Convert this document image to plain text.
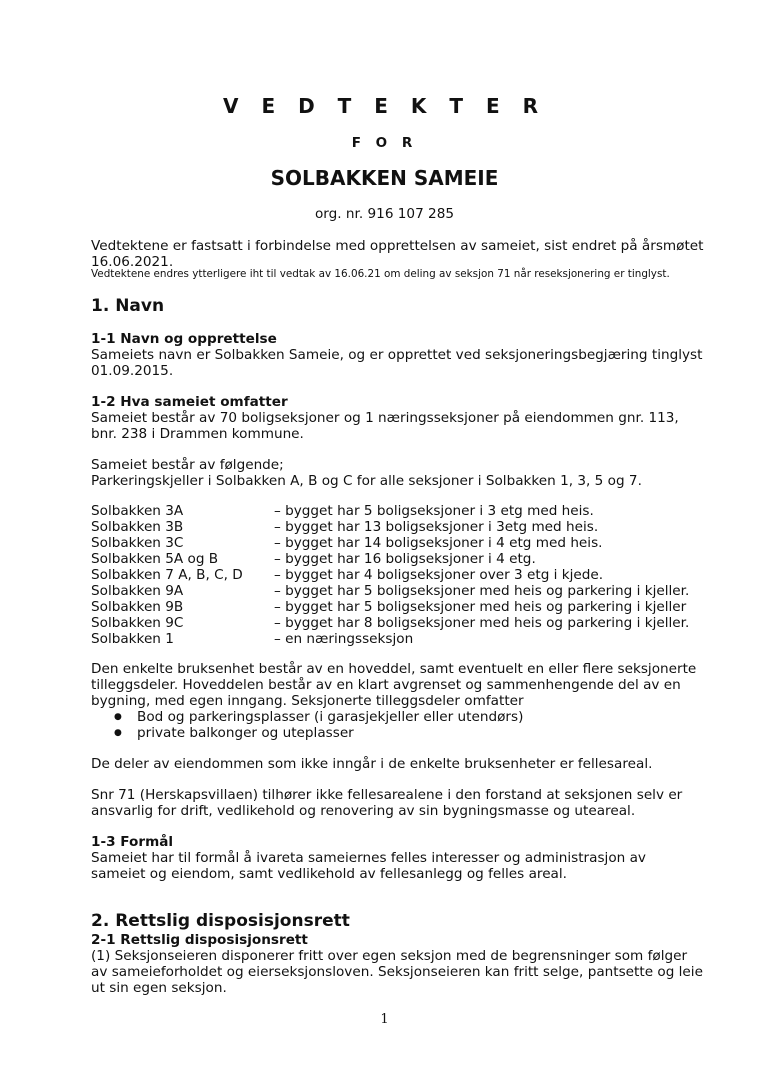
V E D T E K T E R
F O R
SOLBAKKEN SAMEIE
org. nr. 916 107 285
Vedtektene er fastsatt i forbindelse med opprettelsen av sameiet, sist endret på årsmøtet
16.06.2021.
Vedtektene endres ytterligere iht til vedtak av 16.06.21 om deling av seksjon 71 når reseksjonering er tinglyst.
1. Navn
1-1 Navn og opprettelse
Sameiets navn er Solbakken Sameie, og er opprettet ved seksjoneringsbegjæring tinglyst
01.09.2015.
1-2 Hva sameiet omfatter
Sameiet består av 70 boligseksjoner og 1 næringsseksjoner på eiendommen gnr. 113,
bnr. 238 i Drammen kommune.
Sameiet består av følgende;
Parkeringskjeller i Solbakken A, B og C for alle seksjoner i Solbakken 1, 3, 5 og 7.
Solbakken 3A	– bygget har 5 boligseksjoner i 3 etg med heis.
Solbakken 3B	– bygget har 13 boligseksjoner i 3etg med heis.
Solbakken 3C	– bygget har 14 boligseksjoner i 4 etg med heis.
Solbakken 5A og B	– bygget har 16 boligseksjoner i 4 etg.
Solbakken 7 A, B, C, D – bygget har 4 boligseksjoner over 3 etg i kjede.
Solbakken 9A	– bygget har 5 boligseksjoner med heis og parkering i kjeller.
Solbakken 9B	– bygget har 5 boligseksjoner med heis og parkering i kjeller
Solbakken 9C	– bygget har 8 boligseksjoner med heis og parkering i kjeller.
Solbakken 1	– en næringsseksjon
Den enkelte bruksenhet består av en hoveddel, samt eventuelt en eller flere seksjonerte
tilleggsdeler. Hoveddelen består av en klart avgrenset og sammenhengende del av en
bygning, med egen inngang. Seksjonerte tilleggsdeler omfatter
● Bod og parkeringsplasser (i garasjekjeller eller utendørs)
● private balkonger og uteplasser
De deler av eiendommen som ikke inngår i de enkelte bruksenheter er fellesareal.
Snr 71 (Herskapsvillaen) tilhører ikke fellesarealene i den forstand at seksjonen selv er
ansvarlig for drift, vedlikehold og renovering av sin bygningsmasse og uteareal.
1-3 Formål
Sameiet har til formål å ivareta sameiernes felles interesser og administrasjon av
sameiet og eiendom, samt vedlikehold av fellesanlegg og felles areal.
2. Rettslig disposisjonsrett
2-1 Rettslig disposisjonsrett
(1) Seksjonseieren disponerer fritt over egen seksjon med de begrensninger som følger
av sameieforholdet og eierseksjonsloven. Seksjonseieren kan fritt selge, pantsette og leie
ut sin egen seksjon.
1
